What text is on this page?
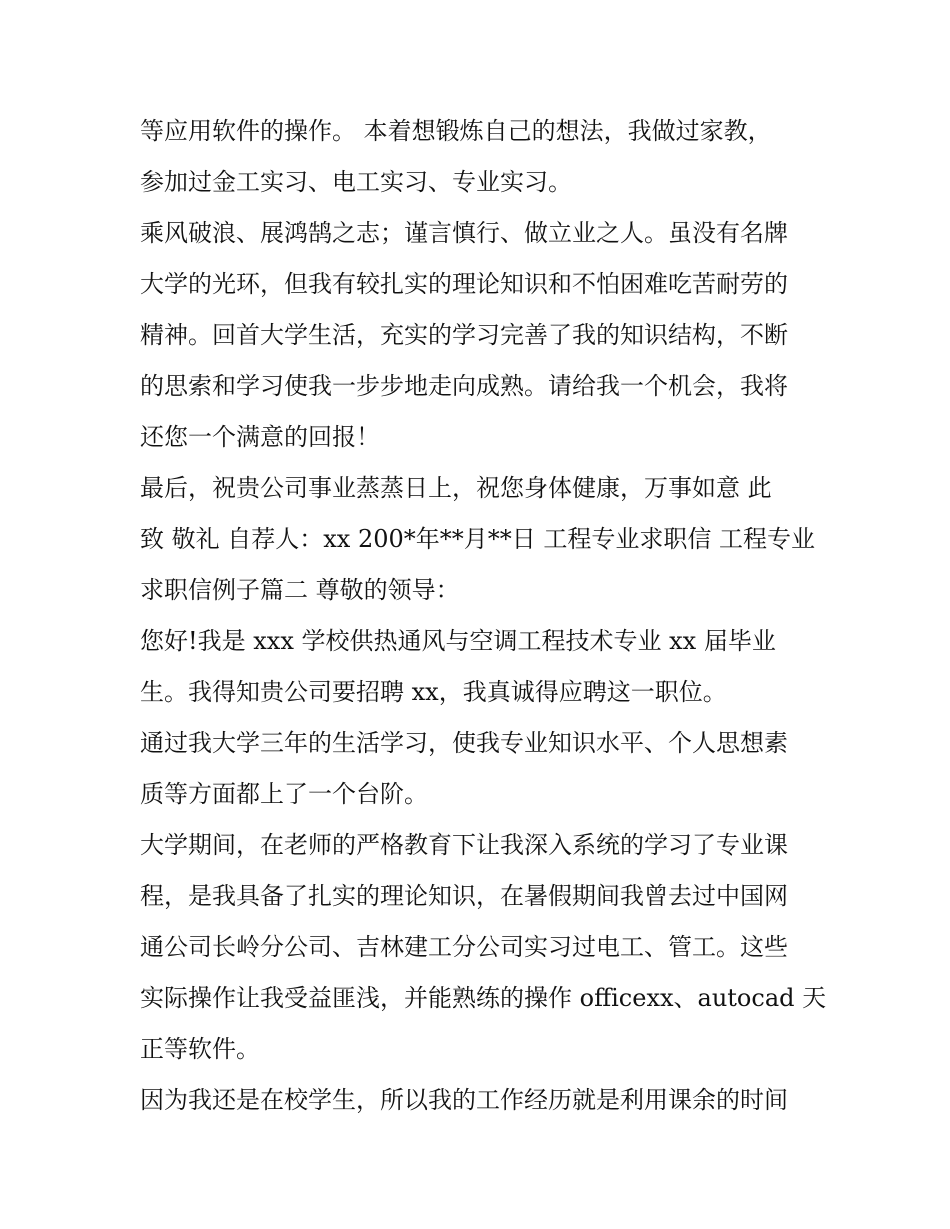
等应用软件的操作。 本着想锻炼自己的想法，我做过家教，
参加过金工实习、电工实习、专业实习。
乘风破浪、展鸿鹄之志；谨言慎行、做立业之人。虽没有名牌
大学的光环，但我有较扎实的理论知识和不怕困难吃苦耐劳的
精神。回首大学生活，充实的学习完善了我的知识结构，不断
的思索和学习使我一步步地走向成熟。请给我一个机会，我将
还您一个满意的回报！
最后，祝贵公司事业蒸蒸日上，祝您身体健康，万事如意 此
致 敬礼 自荐人：xx 200*年**月**日 工程专业求职信 工程专业
求职信例子篇二 尊敬的领导：
您好!我是 xxx 学校供热通风与空调工程技术专业 xx 届毕业
生。我得知贵公司要招聘 xx，我真诚得应聘这一职位。
通过我大学三年的生活学习，使我专业知识水平、个人思想素
质等方面都上了一个台阶。
大学期间，在老师的严格教育下让我深入系统的学习了专业课
程，是我具备了扎实的理论知识，在暑假期间我曾去过中国网
通公司长岭分公司、吉林建工分公司实习过电工、管工。这些
实际操作让我受益匪浅，并能熟练的操作 officexx、autocad 天
正等软件。
因为我还是在校学生，所以我的工作经历就是利用课余的时间
